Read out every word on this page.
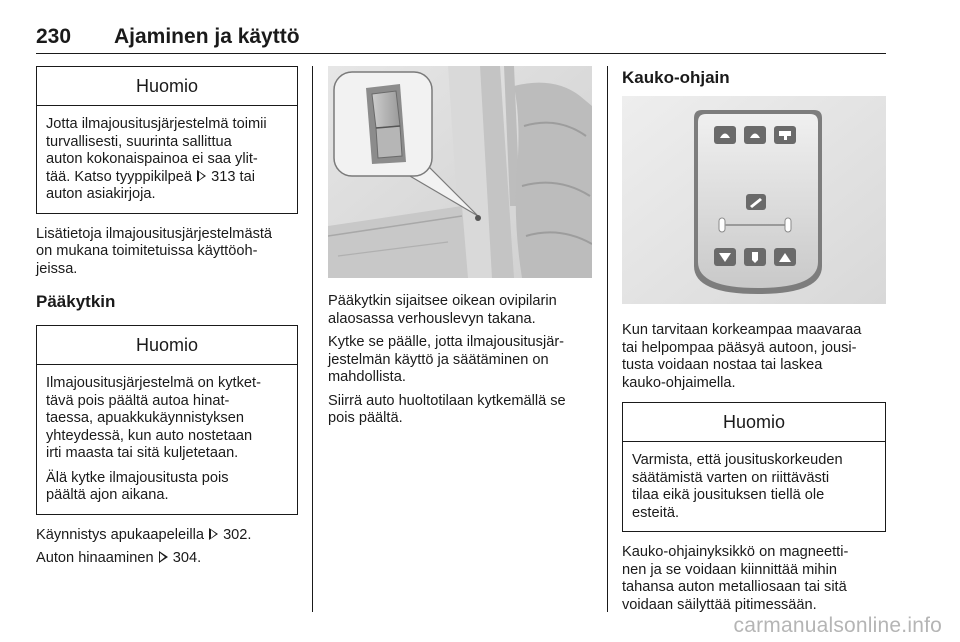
230 Ajaminen ja käyttö
Huomio

Jotta ilmajousitusjärjestelmä toimii
turvallisesti, suurinta sallittua
auton kokonaispainoa ei saa ylit-
tää. Katso tyyppikilpeä 313 tai
auton asiakirjoja.

Lisätietoja ilmajousitusjärjestelmästä
on mukana toimitetuissa käyttöoh-
jeissa.

Pääkytkin
Huomio

Ilmajousitusjärjestelmä on kytket-
tävä pois päältä autoa hinat-
taessa, apuakkukäynnistyksen
yhteydessä, kun auto nostetaan
irti maasta tai sitä kuljetetaan.

Älä kytke ilmajousitusta pois
päältä ajon aikana.

Käynnistys apukaapeleilla 302.

Auton hinaaminen 304.

Pääkytkin sijaitsee oikean ovipilarin
alaosassa verhouslevyn takana.

Kytke se päälle, jotta ilmajousitusjär-
jestelmän käyttö ja säätäminen on
mahdollista.

Siirrä auto huoltotilaan kytkemällä se
pois päältä.

Kauko-ohjain

Kun tarvitaan korkeampaa maavaraa
tai helpompaa pääsyä autoon, jousi-
tusta voidaan nostaa tai laskea
kauko-ohjaimella.

Huomio

Varmista, että jousituskorkeuden
säätämistä varten on riittävästi
tilaa eikä jousituksen tiellä ole
esteitä.

Kauko-ohjainyksikkö on magneetti-
nen ja se voidaan kiinnittää mihin
tahansa auton metalliosaan tai sitä
voidaan säilyttää pitimessään.

carmanualsonline.info
